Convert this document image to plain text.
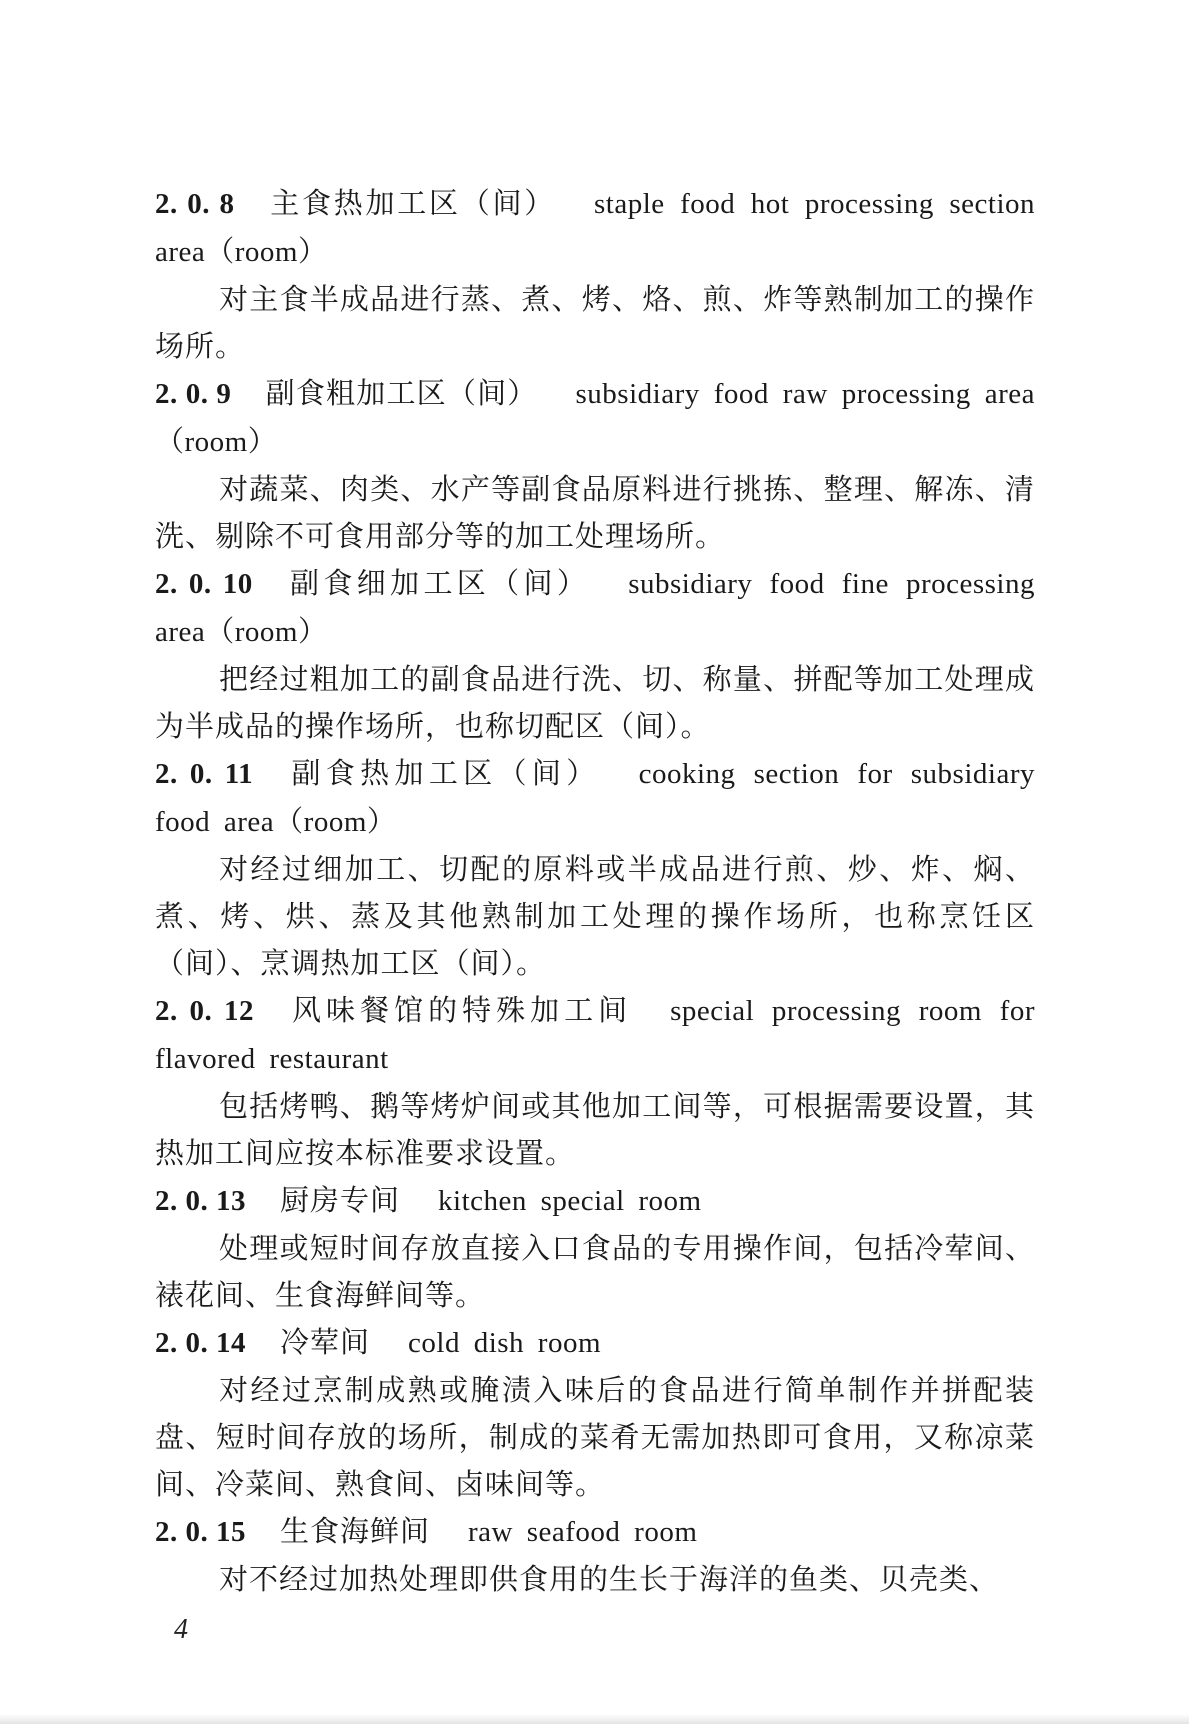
2. 0. 8 主食热加工区（间） staple food hot processing section area（room）

对主食半成品进行蒸、煮、烤、烙、煎、炸等熟制加工的操作场所。

2. 0. 9 副食粗加工区（间） subsidiary food raw processing area（room）

对蔬菜、肉类、水产等副食品原料进行挑拣、整理、解冻、清洗、剔除不可食用部分等的加工处理场所。

2. 0. 10 副食细加工区（间） subsidiary food fine processing area（room）

把经过粗加工的副食品进行洗、切、称量、拼配等加工处理成为半成品的操作场所，也称切配区（间）。

2. 0. 11 副食热加工区（间） cooking section for subsidiary food area（room）

对经过细加工、切配的原料或半成品进行煎、炒、炸、焖、煮、烤、烘、蒸及其他熟制加工处理的操作场所，也称烹饪区（间）、烹调热加工区（间）。

2. 0. 12 风味餐馆的特殊加工间 special processing room for flavored restaurant

包括烤鸭、鹅等烤炉间或其他加工间等，可根据需要设置，其热加工间应按本标准要求设置。

2. 0. 13 厨房专间 kitchen special room

处理或短时间存放直接入口食品的专用操作间，包括冷荤间、裱花间、生食海鲜间等。

2. 0. 14 冷荤间 cold dish room

对经过烹制成熟或腌渍入味后的食品进行简单制作并拼配装盘、短时间存放的场所，制成的菜肴无需加热即可食用，又称凉菜间、冷菜间、熟食间、卤味间等。

2. 0. 15 生食海鲜间 raw seafood room

对不经过加热处理即供食用的生长于海洋的鱼类、贝壳类、

4
